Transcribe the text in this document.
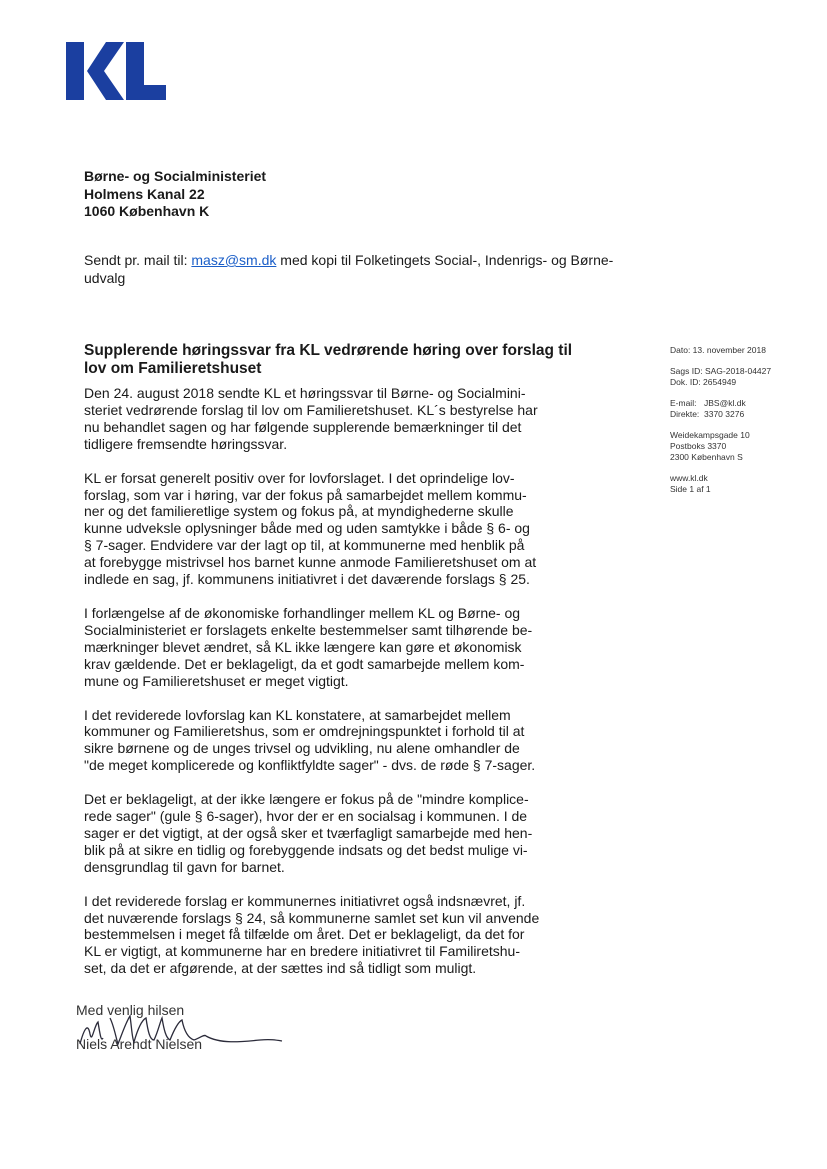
Børne- og Socialministeriet
Holmens Kanal 22
1060 København K
Sendt pr. mail til: masz@sm.dk med kopi til Folketingets Social-, Indenrigs- og Børne-
udvalg
Supplerende høringssvar fra KL vedrørende høring over forslag til lov om Familieretshuset

Den 24. august 2018 sendte KL et høringssvar til Børne- og Socialmini-
steriet vedrørende forslag til lov om Familieretshuset. KL´s bestyrelse har
nu behandlet sagen og har følgende supplerende bemærkninger til det
tidligere fremsendte høringssvar.

KL er forsat generelt positiv over for lovforslaget. I det oprindelige lov-
forslag, som var i høring, var der fokus på samarbejdet mellem kommu-
ner og det familieretlige system og fokus på, at myndighederne skulle
kunne udveksle oplysninger både med og uden samtykke i både § 6- og
§ 7-sager. Endvidere var der lagt op til, at kommunerne med henblik på
at forebygge mistrivsel hos barnet kunne anmode Familieretshuset om at
indlede en sag, jf. kommunens initiativret i det daværende forslags § 25.

I forlængelse af de økonomiske forhandlinger mellem KL og Børne- og
Socialministeriet er forslagets enkelte bestemmelser samt tilhørende be-
mærkninger blevet ændret, så KL ikke længere kan gøre et økonomisk
krav gældende. Det er beklageligt, da et godt samarbejde mellem kom-
mune og Familieretshuset er meget vigtigt.

I det reviderede lovforslag kan KL konstatere, at samarbejdet mellem
kommuner og Familieretshus, som er omdrejningspunktet i forhold til at
sikre børnene og de unges trivsel og udvikling, nu alene omhandler de
"de meget komplicerede og konfliktfyldte sager" - dvs. de røde § 7-sager.

Det er beklageligt, at der ikke længere er fokus på de "mindre komplice-
rede sager" (gule § 6-sager), hvor der er en socialsag i kommunen. I de
sager er det vigtigt, at der også sker et tværfagligt samarbejde med hen-
blik på at sikre en tidlig og forebyggende indsats og det bedst mulige vi-
densgrundlag til gavn for barnet.

I det reviderede forslag er kommunernes initiativret også indsnævret, jf.
det nuværende forslags § 24, så kommunerne samlet set kun vil anvende
bestemmelsen i meget få tilfælde om året. Det er beklageligt, da det for
KL er vigtigt, at kommunerne har en bredere initiativret til Familiretshu-
set, da det er afgørende, at der sættes ind så tidligt som muligt.

Dato: 13. november 2018
Sags ID: SAG-2018-04427
Dok. ID: 2654949
E-mail: JBS@kl.dk
Direkte: 3370 3276
Weidekampsgade 10
Postboks 3370
2300 København S
www.kl.dk
Side 1 af 1
Med venlig hilsen
Niels Arendt Nielsen
